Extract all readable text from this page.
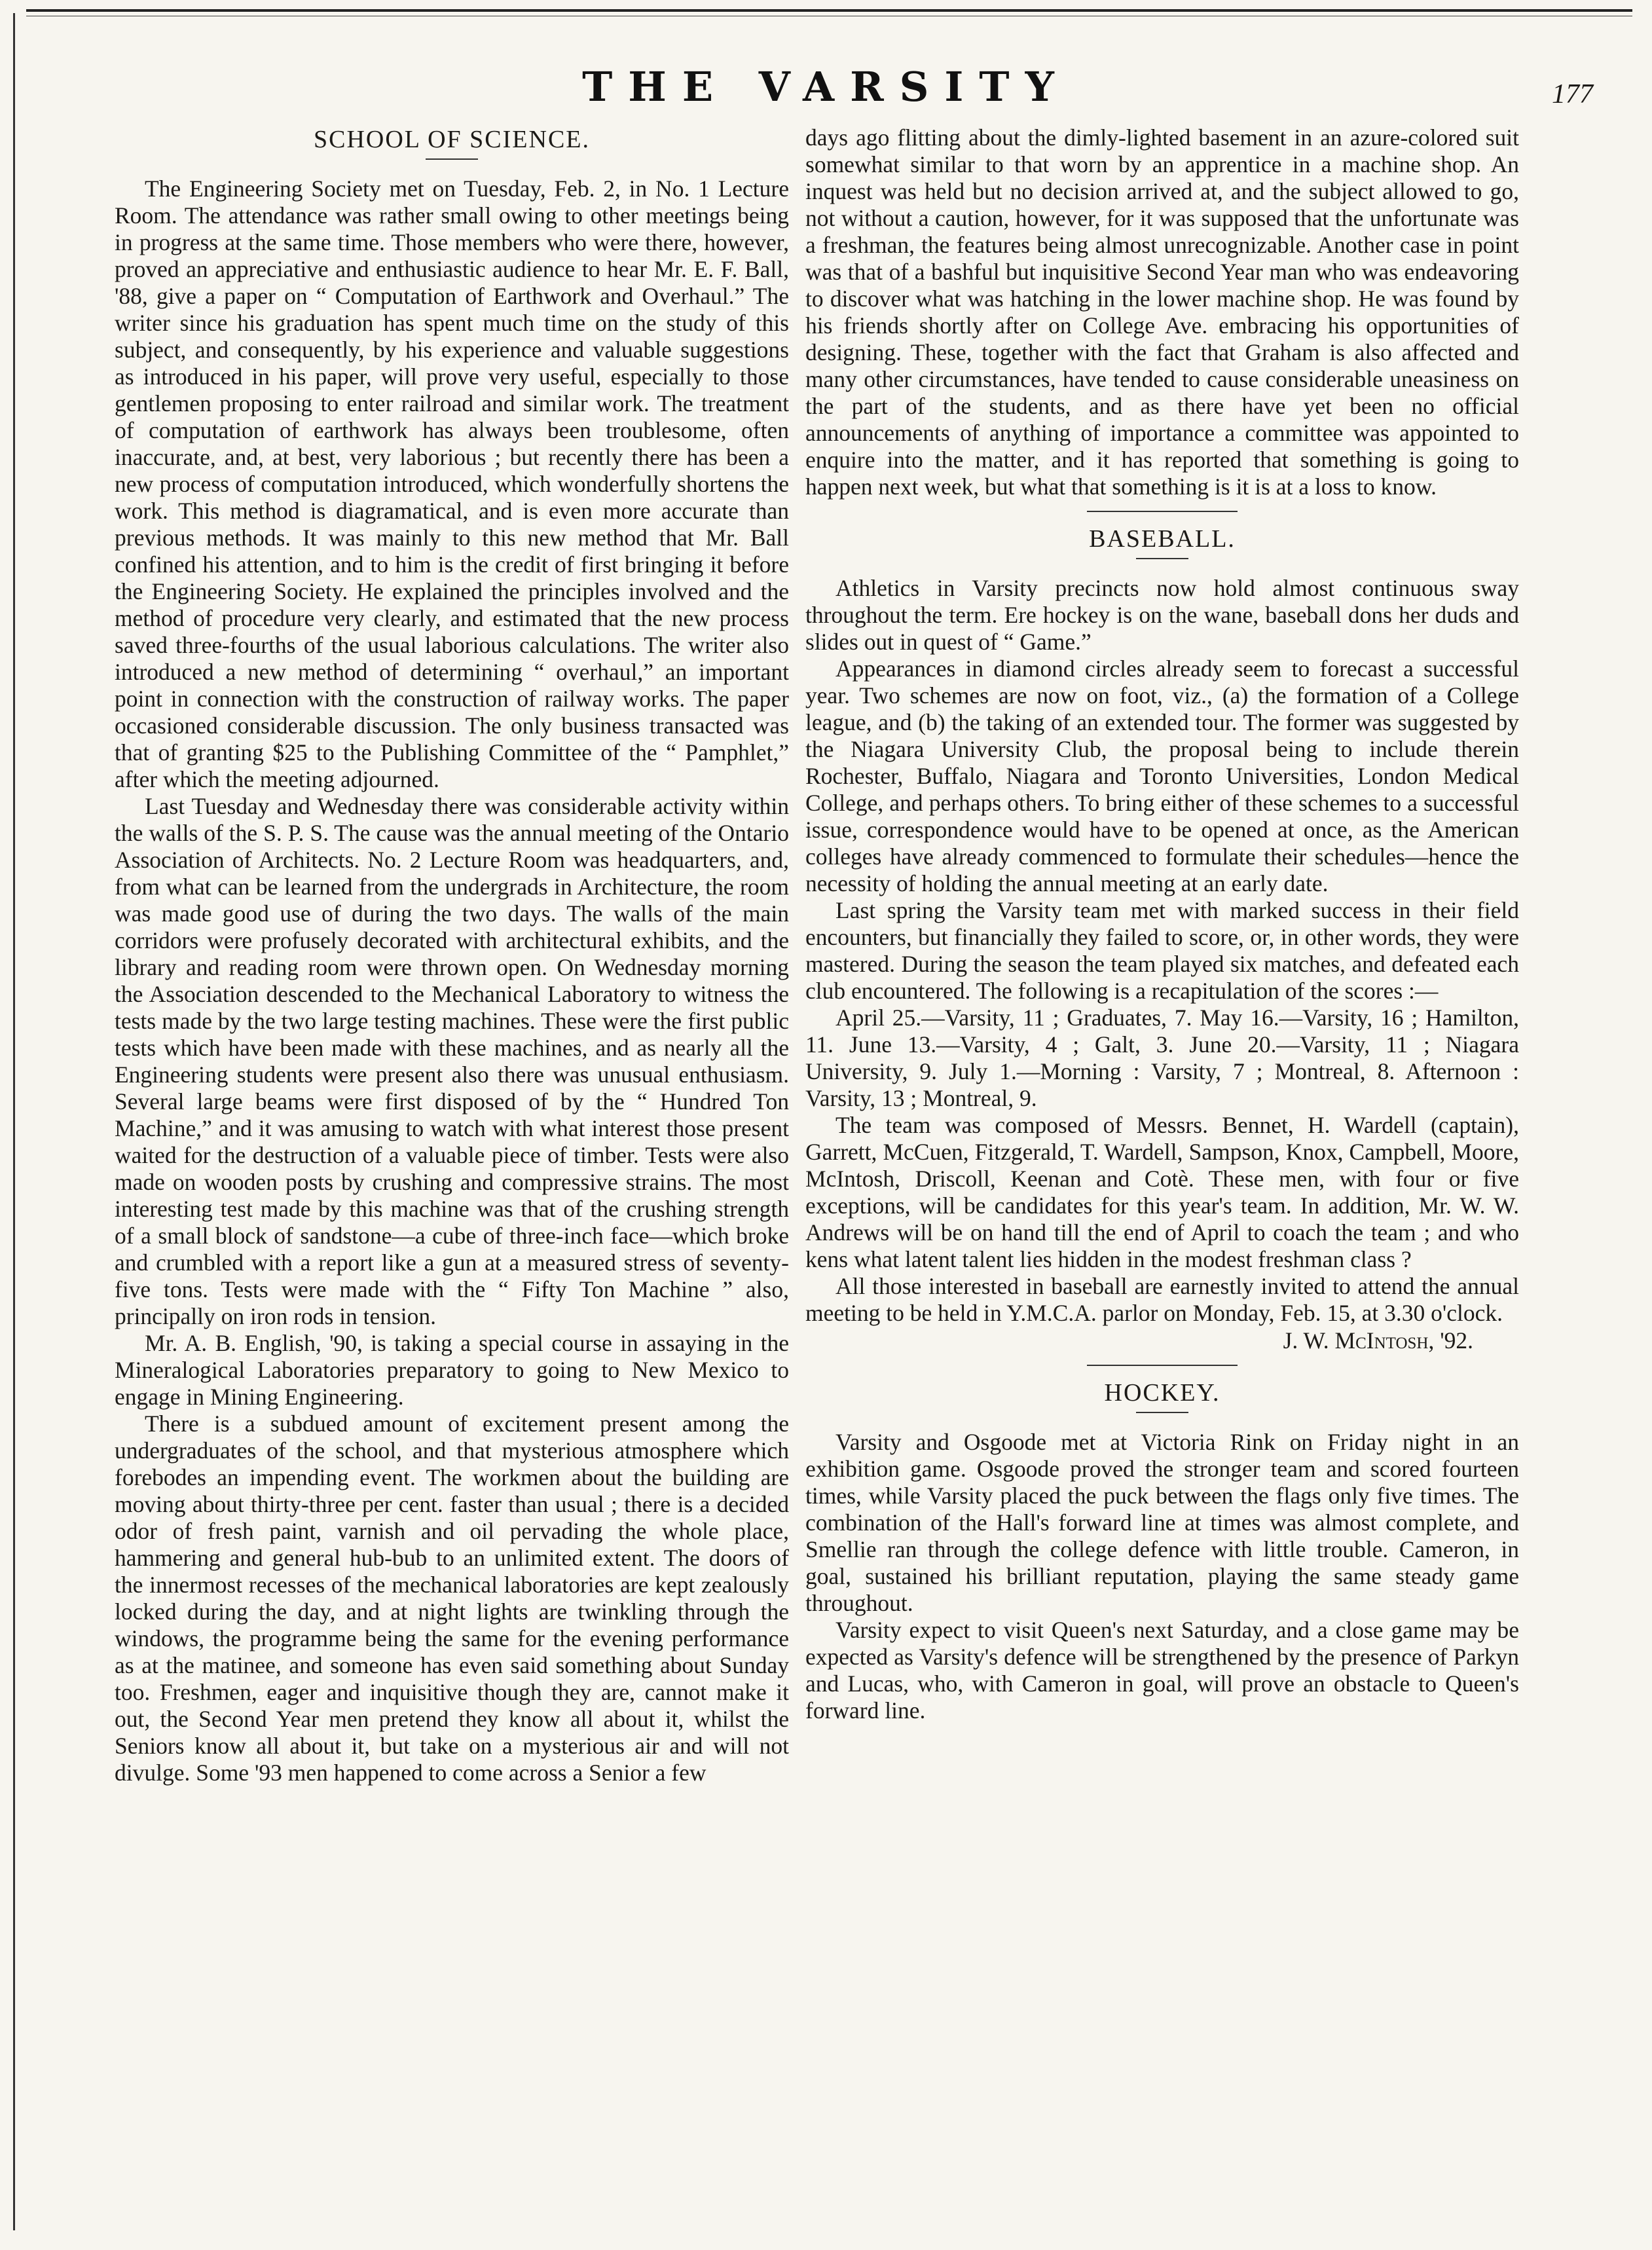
THE VARSITY	177
SCHOOL OF SCIENCE.

The Engineering Society met on Tuesday, Feb. 2, in No. 1 Lecture Room. The attendance was rather small owing to other meetings being in progress at the same time. Those members who were there, however, proved an appreciative and enthusiastic audience to hear Mr. E. F. Ball, '88, give a paper on “ Computation of Earthwork and Overhaul.” The writer since his graduation has spent much time on the study of this subject, and consequently, by his experience and valuable suggestions as introduced in his paper, will prove very useful, especially to those gentlemen proposing to enter railroad and similar work. The treatment of computation of earthwork has always been troublesome, often inaccurate, and, at best, very laborious ; but recently there has been a new process of computation introduced, which wonderfully shortens the work. This method is diagramatical, and is even more accurate than previous methods. It was mainly to this new method that Mr. Ball confined his attention, and to him is the credit of first bringing it before the Engineering Society. He explained the principles involved and the method of procedure very clearly, and estimated that the new process saved three-fourths of the usual laborious calculations. The writer also introduced a new method of determining “ overhaul,” an important point in connection with the construction of railway works. The paper occasioned considerable discussion. The only business transacted was that of granting $25 to the Publishing Committee of the “ Pamphlet,” after which the meeting adjourned.

Last Tuesday and Wednesday there was considerable activity within the walls of the S. P. S. The cause was the annual meeting of the Ontario Association of Architects. No. 2 Lecture Room was headquarters, and, from what can be learned from the undergrads in Architecture, the room was made good use of during the two days. The walls of the main corridors were profusely decorated with architectural exhibits, and the library and reading room were thrown open. On Wednesday morning the Association descended to the Mechanical Laboratory to witness the tests made by the two large testing machines. These were the first public tests which have been made with these machines, and as nearly all the Engineering students were present also there was unusual enthusiasm. Several large beams were first disposed of by the “ Hundred Ton Machine,” and it was amusing to watch with what interest those present waited for the destruction of a valuable piece of timber. Tests were also made on wooden posts by crushing and compressive strains. The most interesting test made by this machine was that of the crushing strength of a small block of sandstone—a cube of three-inch face—which broke and crumbled with a report like a gun at a measured stress of seventy-five tons. Tests were made with the “ Fifty Ton Machine ” also, principally on iron rods in tension.

Mr. A. B. English, '90, is taking a special course in assaying in the Mineralogical Laboratories preparatory to going to New Mexico to engage in Mining Engineering.

There is a subdued amount of excitement present among the undergraduates of the school, and that mysterious atmosphere which forebodes an impending event. The workmen about the building are moving about thirty-three per cent. faster than usual ; there is a decided odor of fresh paint, varnish and oil pervading the whole place, hammering and general hub-bub to an unlimited extent. The doors of the innermost recesses of the mechanical laboratories are kept zealously locked during the day, and at night lights are twinkling through the windows, the programme being the same for the evening performance as at the matinee, and someone has even said something about Sunday too. Freshmen, eager and inquisitive though they are, cannot make it out, the Second Year men pretend they know all about it, whilst the Seniors know all about it, but take on a mysterious air and will not divulge. Some '93 men happened to come across a Senior a few

days ago flitting about the dimly-lighted basement in an azure-colored suit somewhat similar to that worn by an apprentice in a machine shop. An inquest was held but no decision arrived at, and the subject allowed to go, not without a caution, however, for it was supposed that the unfortunate was a freshman, the features being almost unrecognizable. Another case in point was that of a bashful but inquisitive Second Year man who was endeavoring to discover what was hatching in the lower machine shop. He was found by his friends shortly after on College Ave. embracing his opportunities of designing. These, together with the fact that Graham is also affected and many other circumstances, have tended to cause considerable uneasiness on the part of the students, and as there have yet been no official announcements of anything of importance a committee was appointed to enquire into the matter, and it has reported that something is going to happen next week, but what that something is it is at a loss to know.

BASEBALL.

Athletics in Varsity precincts now hold almost continuous sway throughout the term. Ere hockey is on the wane, baseball dons her duds and slides out in quest of “ Game.”

Appearances in diamond circles already seem to forecast a successful year. Two schemes are now on foot, viz., (a) the formation of a College league, and (b) the taking of an extended tour. The former was suggested by the Niagara University Club, the proposal being to include therein Rochester, Buffalo, Niagara and Toronto Universities, London Medical College, and perhaps others. To bring either of these schemes to a successful issue, correspondence would have to be opened at once, as the American colleges have already commenced to formulate their schedules—hence the necessity of holding the annual meeting at an early date.

Last spring the Varsity team met with marked success in their field encounters, but financially they failed to score, or, in other words, they were mastered. During the season the team played six matches, and defeated each club encountered. The following is a recapitulation of the scores :—

April 25.—Varsity, 11 ; Graduates, 7. May 16.—Varsity, 16 ; Hamilton, 11. June 13.—Varsity, 4 ; Galt, 3. June 20.—Varsity, 11 ; Niagara University, 9. July 1.—Morning : Varsity, 7 ; Montreal, 8. Afternoon : Varsity, 13 ; Montreal, 9.

The team was composed of Messrs. Bennet, H. Wardell (captain), Garrett, McCuen, Fitzgerald, T. Wardell, Sampson, Knox, Campbell, Moore, McIntosh, Driscoll, Keenan and Cotè. These men, with four or five exceptions, will be candidates for this year's team. In addition, Mr. W. W. Andrews will be on hand till the end of April to coach the team ; and who kens what latent talent lies hidden in the modest freshman class ?

All those interested in baseball are earnestly invited to attend the annual meeting to be held in Y.M.C.A. parlor on Monday, Feb. 15, at 3.30 o'clock.

J. W. McIntosh, '92.
HOCKEY.

Varsity and Osgoode met at Victoria Rink on Friday night in an exhibition game. Osgoode proved the stronger team and scored fourteen times, while Varsity placed the puck between the flags only five times. The combination of the Hall's forward line at times was almost complete, and Smellie ran through the college defence with little trouble. Cameron, in goal, sustained his brilliant reputation, playing the same steady game throughout.

Varsity expect to visit Queen's next Saturday, and a close game may be expected as Varsity's defence will be strengthened by the presence of Parkyn and Lucas, who, with Cameron in goal, will prove an obstacle to Queen's forward line.
